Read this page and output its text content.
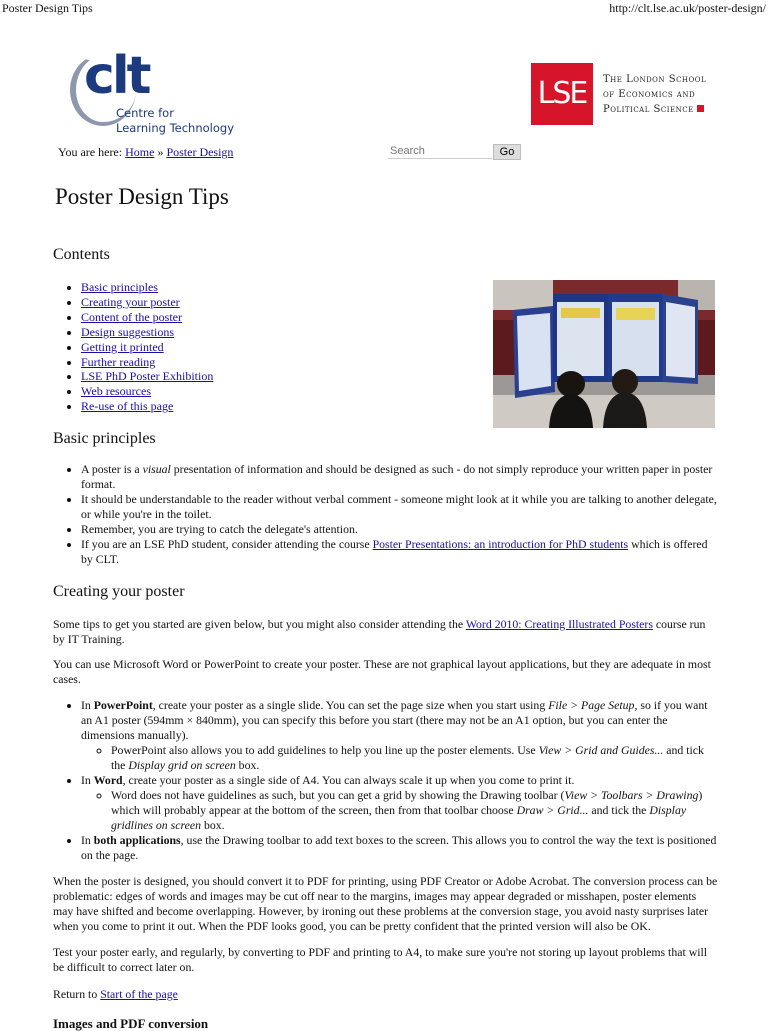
Poster Design Tips	http://clt.lse.ac.uk/poster-design/
clt
Centre for
Learning Technology
LSE	The London School
of Economics and
Political Science
You are here: Home » Poster Design
Search	Go
Poster Design Tips
Contents
• Basic principles
• Creating your poster
• Content of the poster
• Design suggestions
• Getting it printed
• Further reading
• LSE PhD Poster Exhibition
• Web resources
• Re-use of this page
Basic principles
• A poster is a visual presentation of information and should be designed as such - do not simply reproduce your written paper in poster format.
• It should be understandable to the reader without verbal comment - someone might look at it while you are talking to another delegate, or while you're in the toilet.
• Remember, you are trying to catch the delegate's attention.
• If you are an LSE PhD student, consider attending the course Poster Presentations: an introduction for PhD students which is offered by CLT.
Creating your poster

Some tips to get you started are given below, but you might also consider attending the Word 2010: Creating Illustrated Posters course run by IT Training.

You can use Microsoft Word or PowerPoint to create your poster. These are not graphical layout applications, but they are adequate in most cases.
• In PowerPoint, create your poster as a single slide. You can set the page size when you start using File > Page Setup, so if you want an A1 poster (594mm × 840mm), you can specify this before you start (there may not be an A1 option, but you can enter the dimensions manually).
◦ PowerPoint also allows you to add guidelines to help you line up the poster elements. Use View > Grid and Guides... and tick the Display grid on screen box.
• In Word, create your poster as a single side of A4. You can always scale it up when you come to print it.
◦ Word does not have guidelines as such, but you can get a grid by showing the Drawing toolbar (View > Toolbars > Drawing) which will probably appear at the bottom of the screen, then from that toolbar choose Draw > Grid... and tick the Display gridlines on screen box.
• In both applications, use the Drawing toolbar to add text boxes to the screen. This allows you to control the way the text is positioned on the page.
When the poster is designed, you should convert it to PDF for printing, using PDF Creator or Adobe Acrobat. The conversion process can be problematic: edges of words and images may be cut off near to the margins, images may appear degraded or misshapen, poster elements may have shifted and become overlapping. However, by ironing out these problems at the conversion stage, you avoid nasty surprises later when you come to print it out. When the PDF looks good, you can be pretty confident that the printed version will also be OK.
Test your poster early, and regularly, by converting to PDF and printing to A4, to make sure you're not storing up layout problems that will be difficult to correct later on.
Return to Start of the page
Images and PDF conversion
